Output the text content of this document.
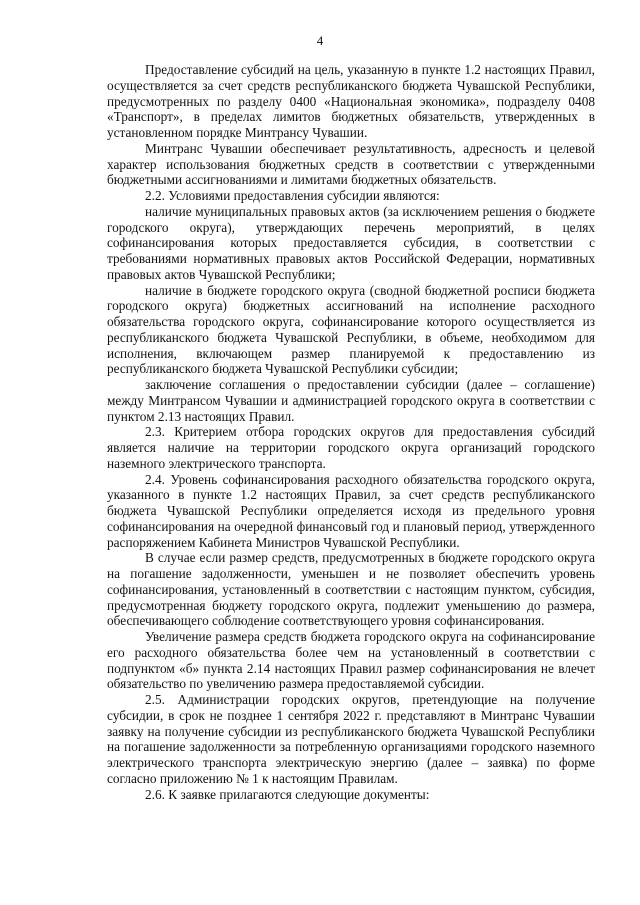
4

Предоставление субсидий на цель, указанную в пункте 1.2 настоящих Правил, осуществляется за счет средств республиканского бюджета Чувашской Республики, предусмотренных по разделу 0400 «Национальная экономика», подразделу 0408 «Транспорт», в пределах лимитов бюджетных обязательств, утвержденных в установленном порядке Минтрансу Чувашии.

Минтранс Чувашии обеспечивает результативность, адресность и целевой характер использования бюджетных средств в соответствии с утвержденными бюджетными ассигнованиями и лимитами бюджетных обязательств.

2.2. Условиями предоставления субсидии являются:

наличие муниципальных правовых актов (за исключением решения о бюджете городского округа), утверждающих перечень мероприятий, в целях софинансирования которых предоставляется субсидия, в соответствии с требованиями нормативных правовых актов Российской Федерации, нормативных правовых актов Чувашской Республики;

наличие в бюджете городского округа (сводной бюджетной росписи бюджета городского округа) бюджетных ассигнований на исполнение расходного обязательства городского округа, софинансирование которого осуществляется из республиканского бюджета Чувашской Республики, в объеме, необходимом для исполнения, включающем размер планируемой к предоставлению из республиканского бюджета Чувашской Республики субсидии;

заключение соглашения о предоставлении субсидии (далее – соглашение) между Минтрансом Чувашии и администрацией городского округа в соответствии с пунктом 2.13 настоящих Правил.

2.3. Критерием отбора городских округов для предоставления субсидий является наличие на территории городского округа организаций городского наземного электрического транспорта.

2.4. Уровень софинансирования расходного обязательства городского округа, указанного в пункте 1.2 настоящих Правил, за счет средств республиканского бюджета Чувашской Республики определяется исходя из предельного уровня софинансирования на очередной финансовый год и плановый период, утвержденного распоряжением Кабинета Министров Чувашской Республики.

В случае если размер средств, предусмотренных в бюджете городского округа на погашение задолженности, уменьшен и не позволяет обеспечить уровень софинансирования, установленный в соответствии с настоящим пунктом, субсидия, предусмотренная бюджету городского округа, подлежит уменьшению до размера, обеспечивающего соблюдение соответствующего уровня софинансирования.

Увеличение размера средств бюджета городского округа на софинансирование его расходного обязательства более чем на установленный в соответствии с подпунктом «б» пункта 2.14 настоящих Правил размер софинансирования не влечет обязательство по увеличению размера предоставляемой субсидии.

2.5. Администрации городских округов, претендующие на получение субсидии, в срок не позднее 1 сентября 2022 г. представляют в Минтранс Чувашии заявку на получение субсидии из республиканского бюджета Чувашской Республики на погашение задолженности за потребленную организациями городского наземного электрического транспорта электрическую энергию (далее – заявка) по форме согласно приложению № 1 к настоящим Правилам.

2.6. К заявке прилагаются следующие документы:
